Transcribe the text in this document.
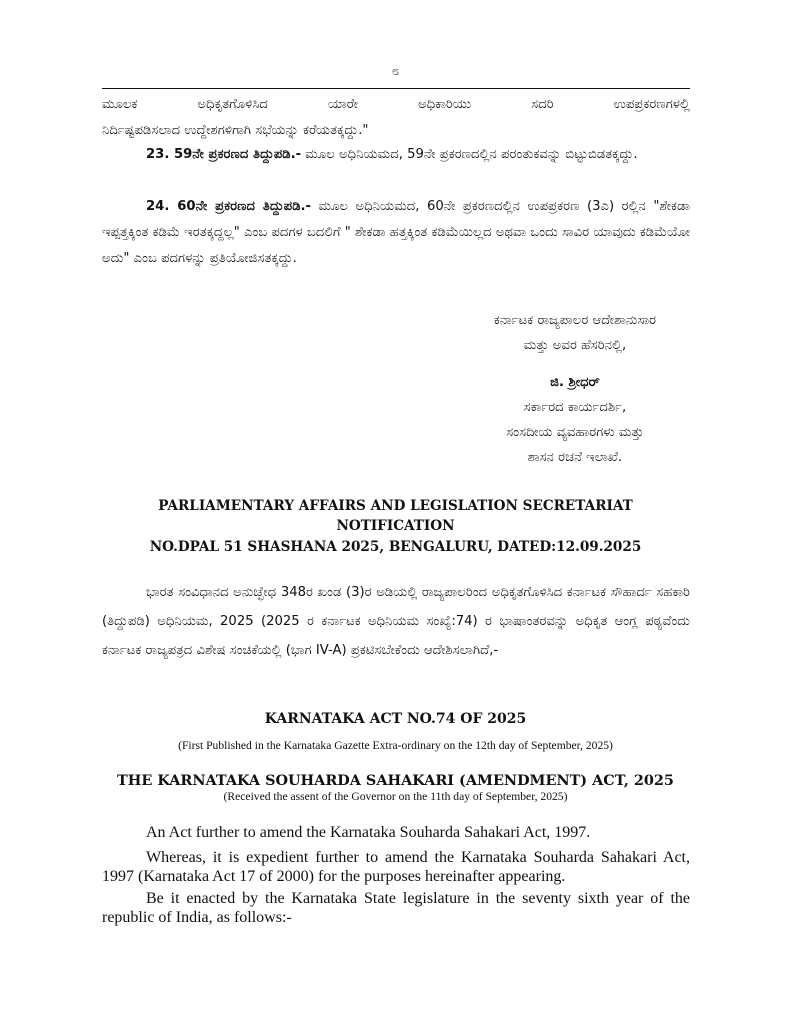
೮
ಮೂಲಕ	ಅಧಿಕೃತಗೊಳಿಸಿದ	ಯಾರೇ	ಅಧಿಕಾರಿಯು	ಸದರಿ	ಉಪಪ್ರಕರಣಗಳಲ್ಲಿ
ನಿರ್ದಿಷ್ಟಪಡಿಸಲಾದ ಉದ್ದೇಶಗಳಿಗಾಗಿ ಸಭೆಯನ್ನು ಕರೆಯತಕ್ಕದ್ದು."
23. 59ನೇ ಪ್ರಕರಣದ ತಿದ್ದುಪಡಿ.- ಮೂಲ ಅಧಿನಿಯಮದ, 59ನೇ ಪ್ರಕರಣದಲ್ಲಿನ ಪರಂತುಕವನ್ನು ಬಿಟ್ಟುಬಿಡತಕ್ಕದ್ದು.
24. 60ನೇ ಪ್ರಕರಣದ ತಿದ್ದುಪಡಿ.- ಮೂಲ ಅಧಿನಿಯಮದ, 60ನೇ ಪ್ರಕರಣದಲ್ಲಿನ ಉಪಪ್ರಕರಣ (3ಎ) ರಲ್ಲಿನ "ಶೇಕಡಾ ಇಪ್ಪತ್ತಕ್ಕಿಂತ ಕಡಿಮೆ ಇರತಕ್ಕದ್ದಲ್ಲ" ಎಂಬ ಪದಗಳ ಬದಲಿಗೆ " ಶೇಕಡಾ ಹತ್ತಕ್ಕಿಂತ ಕಡಿಮೆಯಿಲ್ಲದ ಅಥವಾ ಒಂದು ಸಾವಿರ ಯಾವುದು ಕಡಿಮೆಯೋ ಅದು" ಎಂಬ ಪದಗಳನ್ನು ಪ್ರತಿಯೋಜಿಸತಕ್ಕದ್ದು.
ಕರ್ನಾಟಕ ರಾಜ್ಯಪಾಲರ ಆದೇಶಾನುಸಾರ
ಮತ್ತು ಅವರ ಹೆಸರಿನಲ್ಲಿ,
ಜಿ. ಶ್ರೀಧರ್
ಸರ್ಕಾರದ ಕಾರ್ಯದರ್ಶಿ,
ಸಂಸದೀಯ ವ್ಯವಹಾರಗಳು ಮತ್ತು
ಶಾಸನ ರಚನೆ ಇಲಾಖೆ.
PARLIAMENTARY AFFAIRS AND LEGISLATION SECRETARIAT
NOTIFICATION
NO.DPAL 51 SHASHANA 2025, BENGALURU, DATED:12.09.2025
ಭಾರತ ಸಂವಿಧಾನದ ಅನುಚ್ಛೇಧ 348ರ ಖಂಡ (3)ರ ಅಡಿಯಲ್ಲಿ ರಾಜ್ಯಪಾಲರಿಂದ ಅಧಿಕೃತಗೊಳಿಸಿದ ಕರ್ನಾಟಕ ಸೌಹಾರ್ದ ಸಹಕಾರಿ (ತಿದ್ದುಪಡಿ) ಅಧಿನಿಯಮ, 2025 (2025 ರ ಕರ್ನಾಟಕ ಅಧಿನಿಯಮ ಸಂಖ್ಯೆ:74) ರ ಭಾಷಾಂತರವನ್ನು ಅಧಿಕೃತ ಆಂಗ್ಲ ಪಠ್ಯವೆಂದು ಕರ್ನಾಟಕ ರಾಜ್ಯಪತ್ರದ ವಿಶೇಷ ಸಂಚಿಕೆಯಲ್ಲಿ (ಭಾಗ IV-A) ಪ್ರಕಟಿಸಬೇಕೆಂದು ಆದೇಶಿಸಲಾಗಿದೆ,-
KARNATAKA ACT NO.74 OF 2025
(First Published in the Karnataka Gazette Extra-ordinary on the 12th day of September, 2025)
THE KARNATAKA SOUHARDA SAHAKARI (AMENDMENT) ACT, 2025
(Received the assent of the Governor on the 11th day of September, 2025)
An Act further to amend the Karnataka Souharda Sahakari Act, 1997.
Whereas, it is expedient further to amend the Karnataka Souharda Sahakari Act, 1997 (Karnataka Act 17 of 2000) for the purposes hereinafter appearing.
Be it enacted by the Karnataka State legislature in the seventy sixth year of the republic of India, as follows:-
